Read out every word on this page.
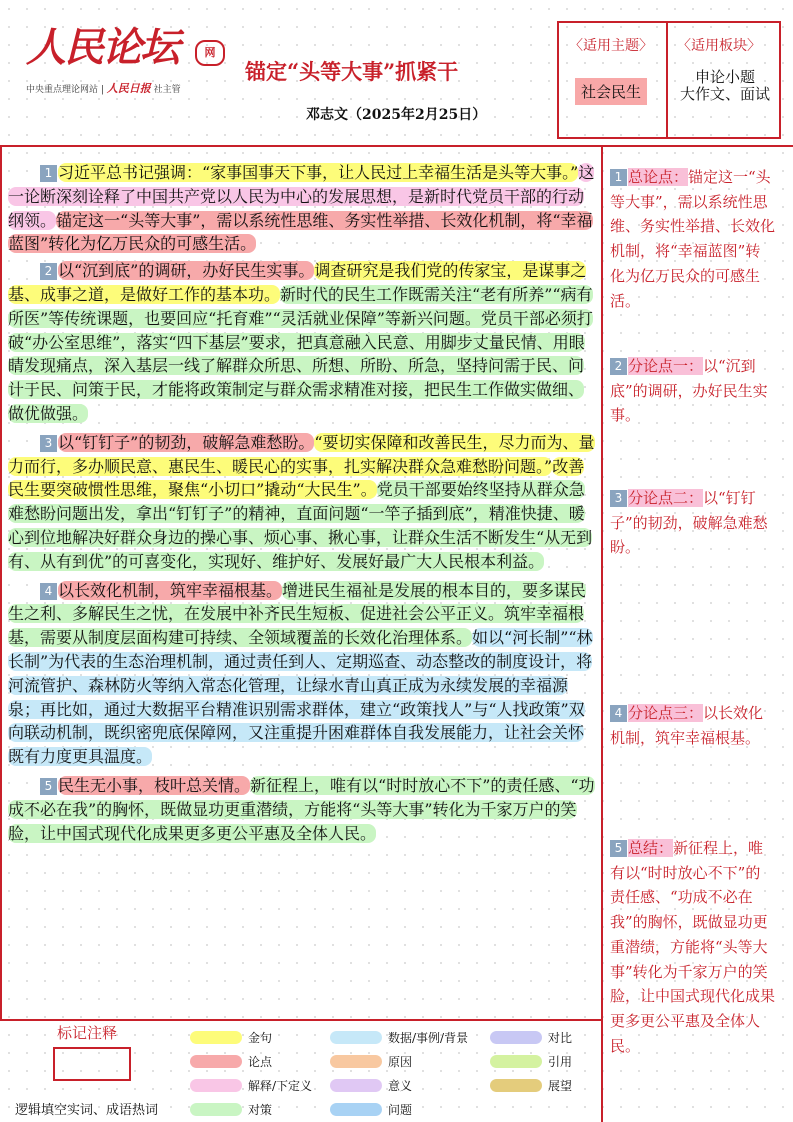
人民论坛	网
中央重点理论网站 | 人民日报 社主管
锚定“头等大事”抓紧干
邓志文（2025年2月25日）
〈适用主题〉
社会民生
〈适用板块〉
申论小题
大作文、面试

1 习近平总书记强调：“家事国事天下事，让人民过上幸福生活是头等大事。”这一论断深刻诠释了中国共产党以人民为中心的发展思想，是新时代党员干部的行动纲领。锚定这一“头等大事”，需以系统性思维、务实性举措、长效化机制，将“幸福蓝图”转化为亿万民众的可感生活。

2 以“沉到底”的调研，办好民生实事。调查研究是我们党的传家宝，是谋事之基、成事之道，是做好工作的基本功。新时代的民生工作既需关注“老有所养”“病有所医”等传统课题，也要回应“托育难”“灵活就业保障”等新兴问题。党员干部必须打破“办公室思维”，落实“四下基层”要求，把真意融入民意、用脚步丈量民情、用眼睛发现痛点，深入基层一线了解群众所思、所想、所盼、所急，坚持问需于民、问计于民、问策于民，才能将政策制定与群众需求精准对接，把民生工作做实做细、做优做强。

3 以“钉钉子”的韧劲，破解急难愁盼。“要切实保障和改善民生，尽力而为、量力而行，多办顺民意、惠民生、暖民心的实事，扎实解决群众急难愁盼问题。”改善民生要突破惯性思维，聚焦“小切口”撬动“大民生”。党员干部要始终坚持从群众急难愁盼问题出发，拿出“钉钉子”的精神，直面问题“一竿子插到底”，精准快捷、暖心到位地解决好群众身边的操心事、烦心事、揪心事，让群众生活不断发生“从无到有、从有到优”的可喜变化，实现好、维护好、发展好最广大人民根本利益。

4 以长效化机制，筑牢幸福根基。增进民生福祉是发展的根本目的，要多谋民生之利、多解民生之忧，在发展中补齐民生短板、促进社会公平正义。筑牢幸福根基，需要从制度层面构建可持续、全领域覆盖的长效化治理体系。如以“河长制”“林长制”为代表的生态治理机制，通过责任到人、定期巡查、动态整改的制度设计，将河流管护、森林防火等纳入常态化管理，让绿水青山真正成为永续发展的幸福源泉；再比如，通过大数据平台精准识别需求群体，建立“政策找人”与“人找政策”双向联动机制，既织密兜底保障网，又注重提升困难群体自我发展能力，让社会关怀既有力度更具温度。

5 民生无小事，枝叶总关情。新征程上，唯有以“时时放心不下”的责任感、“功成不必在我”的胸怀，既做显功更重潜绩，方能将“头等大事”转化为千家万户的笑脸，让中国式现代化成果更多更公平惠及全体人民。

1 总论点：锚定这一“头等大事”，需以系统性思维、务实性举措、长效化机制，将“幸福蓝图”转化为亿万民众的可感生活。
2 分论点一：以“沉到底”的调研，办好民生实事。
3 分论点二：以“钉钉子”的韧劲，破解急难愁盼。
4 分论点三：以长效化机制，筑牢幸福根基。
5 总结：新征程上，唯有以“时时放心不下”的责任感、“功成不必在我”的胸怀，既做显功更重潜绩，方能将“头等大事”转化为千家万户的笑脸，让中国式现代化成果更多更公平惠及全体人民。
标记注释
逻辑填空实词、成语热词
金句
论点
解释/下定义
对策
数据/事例/背景
原因
意义
问题
对比
引用
展望
